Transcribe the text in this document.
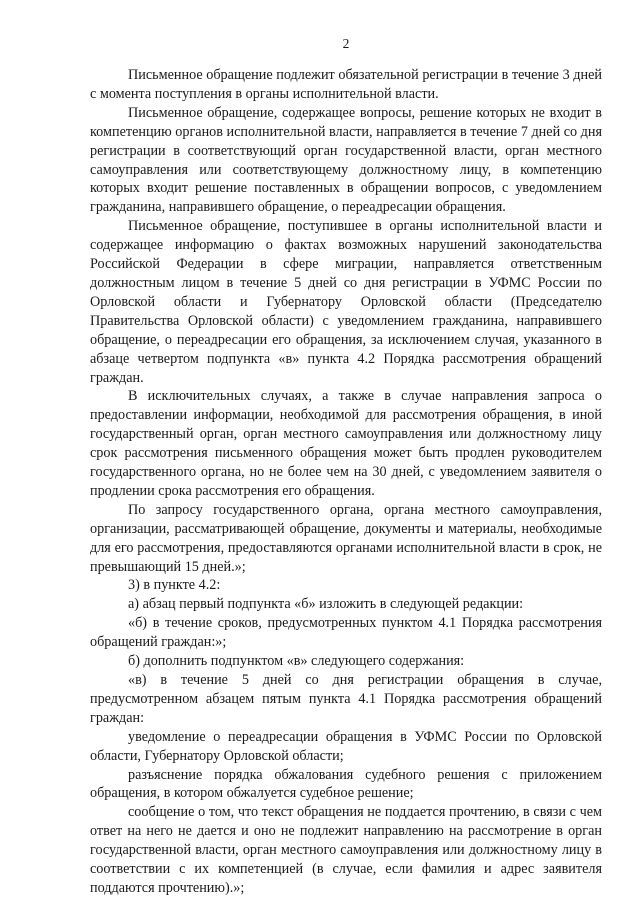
2

Письменное обращение подлежит обязательной регистрации в течение 3 дней с момента поступления в органы исполнительной власти.

Письменное обращение, содержащее вопросы, решение которых не входит в компетенцию органов исполнительной власти, направляется в течение 7 дней со дня регистрации в соответствующий орган государственной власти, орган местного самоуправления или соответствующему должностному лицу, в компетенцию которых входит решение поставленных в обращении вопросов, с уведомлением гражданина, направившего обращение, о переадресации обращения.

Письменное обращение, поступившее в органы исполнительной власти и содержащее информацию о фактах возможных нарушений законодательства Российской Федерации в сфере миграции, направляется ответственным должностным лицом в течение 5 дней со дня регистрации в УФМС России по Орловской области и Губернатору Орловской области (Председателю Правительства Орловской области) с уведомлением гражданина, направившего обращение, о переадресации его обращения, за исключением случая, указанного в абзаце четвертом подпункта «в» пункта 4.2 Порядка рассмотрения обращений граждан.

В исключительных случаях, а также в случае направления запроса о предоставлении информации, необходимой для рассмотрения обращения, в иной государственный орган, орган местного самоуправления или должностному лицу срок рассмотрения письменного обращения может быть продлен руководителем государственного органа, но не более чем на 30 дней, с уведомлением заявителя о продлении срока рассмотрения его обращения.

По запросу государственного органа, органа местного самоуправления, организации, рассматривающей обращение, документы и материалы, необходимые для его рассмотрения, предоставляются органами исполнительной власти в срок, не превышающий 15 дней.»;

3) в пункте 4.2:

а) абзац первый подпункта «б» изложить в следующей редакции:

«б) в течение сроков, предусмотренных пунктом 4.1 Порядка рассмотрения обращений граждан:»;

б) дополнить подпунктом «в» следующего содержания:

«в) в течение 5 дней со дня регистрации обращения в случае, предусмотренном абзацем пятым пункта 4.1 Порядка рассмотрения обращений граждан:

уведомление о переадресации обращения в УФМС России по Орловской области, Губернатору Орловской области;

разъяснение порядка обжалования судебного решения с приложением обращения, в котором обжалуется судебное решение;

сообщение о том, что текст обращения не поддается прочтению, в связи с чем ответ на него не дается и оно не подлежит направлению на рассмотрение в орган государственной власти, орган местного самоуправления или должностному лицу в соответствии с их компетенцией (в случае, если фамилия и адрес заявителя поддаются прочтению).»;
